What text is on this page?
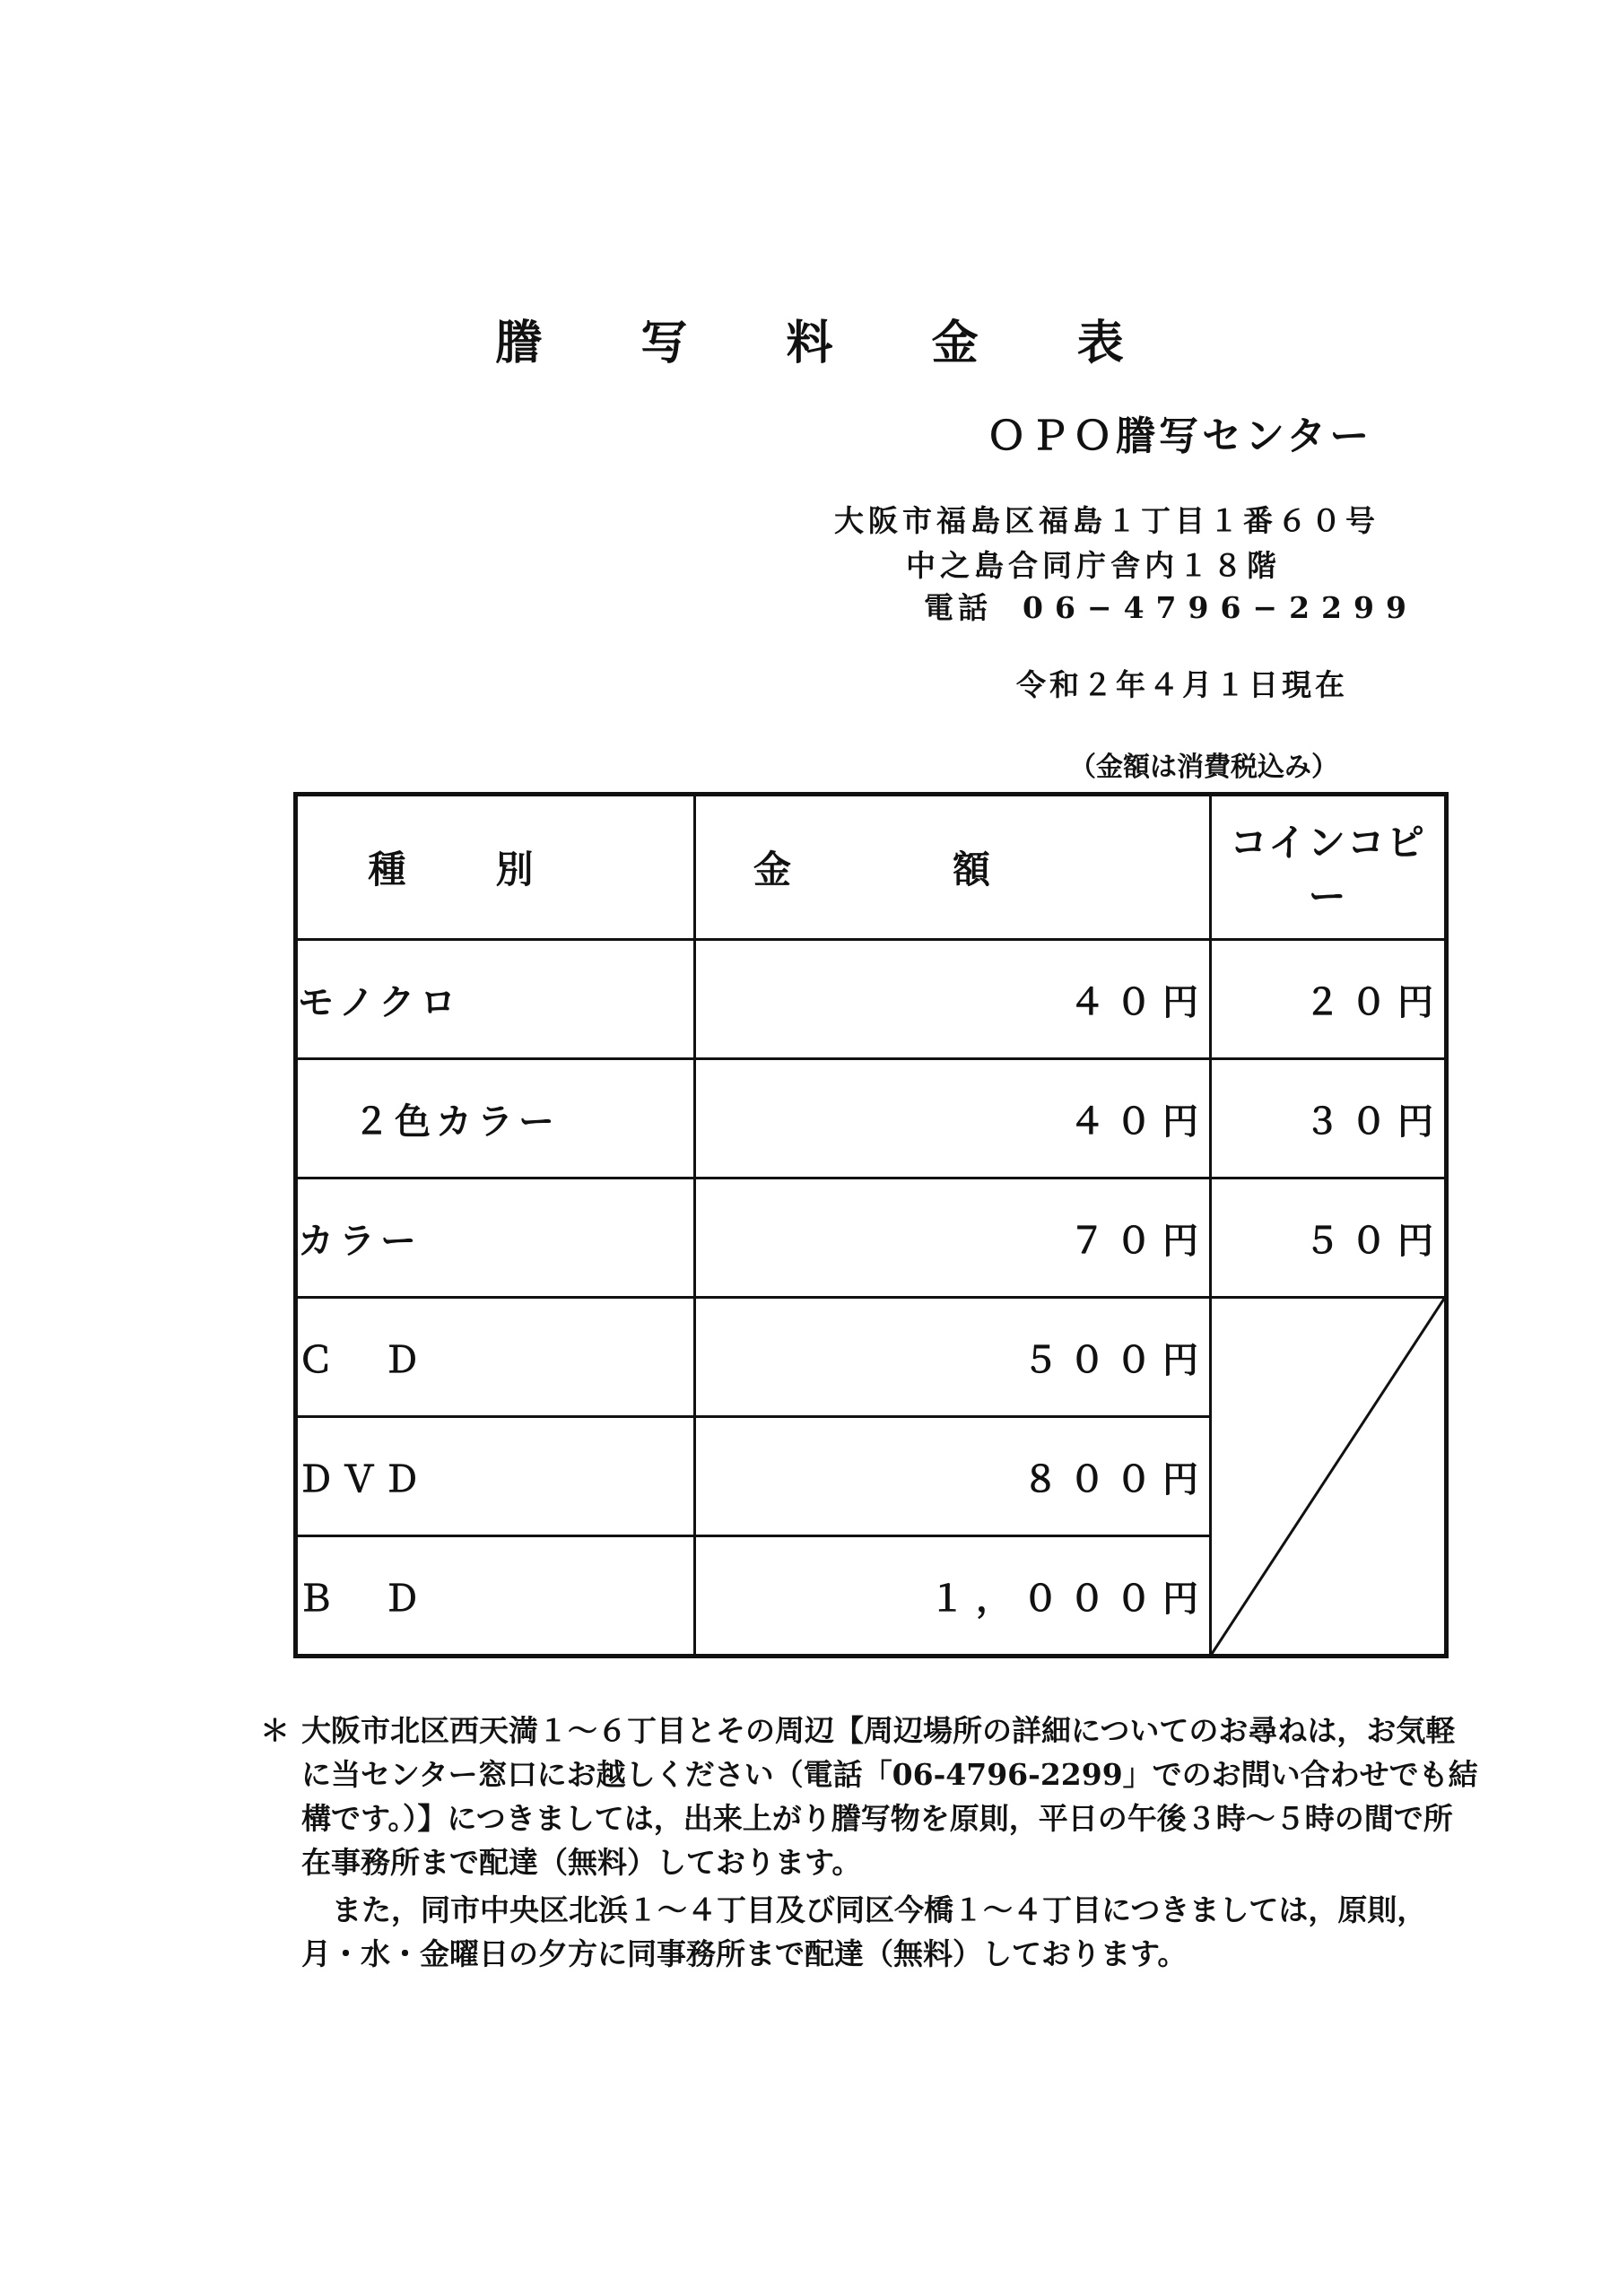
謄 写 料 金 表
ＯＰＯ謄写センター
大阪市福島区福島１丁目１番６０号
中之島合同庁舎内１８階
電話 06−4796−2299
令和２年４月１日現在
（金額は消費税込み）
種別	金額	コインコピー
モノクロ	４０円	２０円
２色カラー	４０円	３０円
カラー	７０円	５０円
ＣＤ	５００円	

ＤＶＤ	８００円	
ＢＤ	１，０００円	

＊ 大阪市北区西天満１〜６丁目とその周辺【周辺場所の詳細についてのお尋ねは，お気軽に当センター窓口にお越しください（電話「06-4796-2299」でのお問い合わせでも結構です。）】につきましては，出来上がり謄写物を原則，平日の午後３時〜５時の間で所在事務所まで配達（無料）しております。

また，同市中央区北浜１〜４丁目及び同区今橋１〜４丁目につきましては，原則，月・水・金曜日の夕方に同事務所まで配達（無料）しております。
